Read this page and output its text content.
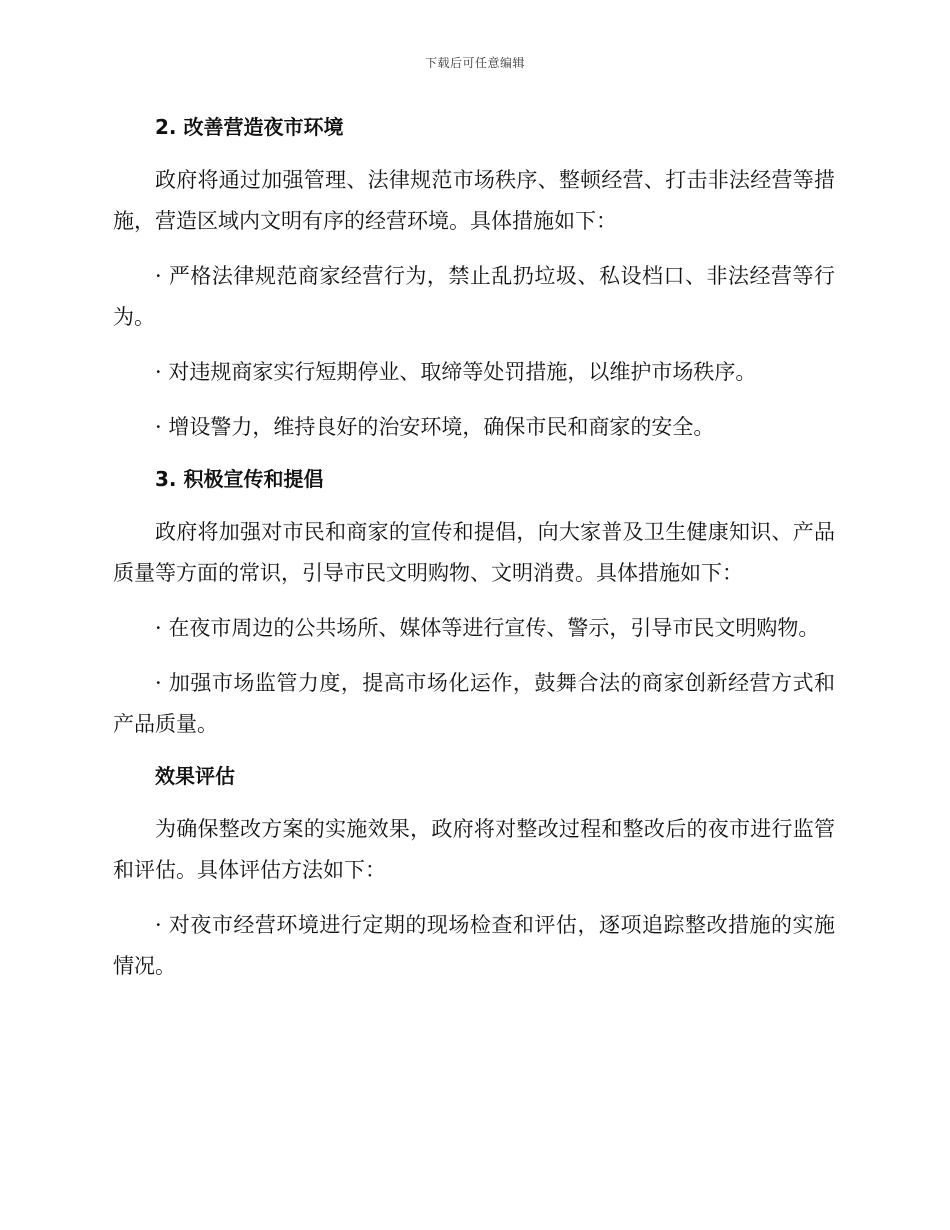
下载后可任意编辑
2. 改善营造夜市环境

政府将通过加强管理、法律规范市场秩序、整顿经营、打击非法经营等措施，营造区域内文明有序的经营环境。具体措施如下：

· 严格法律规范商家经营行为，禁止乱扔垃圾、私设档口、非法经营等行为。

· 对违规商家实行短期停业、取缔等处罚措施，以维护市场秩序。

· 增设警力，维持良好的治安环境，确保市民和商家的安全。

3. 积极宣传和提倡

政府将加强对市民和商家的宣传和提倡，向大家普及卫生健康知识、产品质量等方面的常识，引导市民文明购物、文明消费。具体措施如下：

· 在夜市周边的公共场所、媒体等进行宣传、警示，引导市民文明购物。

· 加强市场监管力度，提高市场化运作，鼓舞合法的商家创新经营方式和产品质量。

效果评估

为确保整改方案的实施效果，政府将对整改过程和整改后的夜市进行监管和评估。具体评估方法如下：

· 对夜市经营环境进行定期的现场检查和评估，逐项追踪整改措施的实施情况。
